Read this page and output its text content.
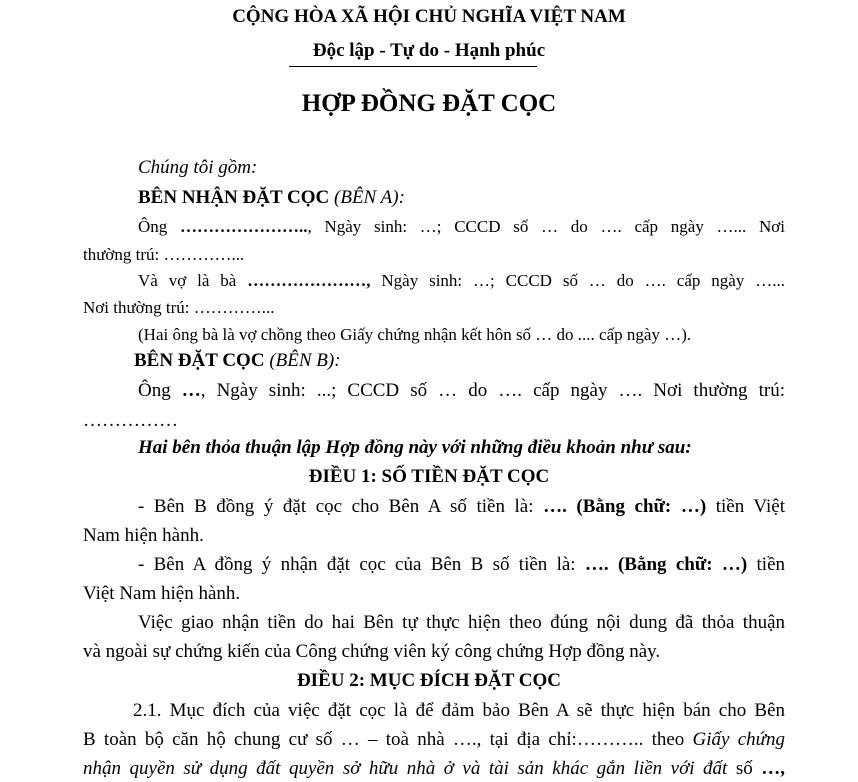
CỘNG HÒA XÃ HỘI CHỦ NGHĨA VIỆT NAM
Độc lập - Tự do - Hạnh phúc
HỢP ĐỒNG ĐẶT CỌC
Chúng tôi gồm:
BÊN NHẬN ĐẶT CỌC (BÊN A):
Ông ………………….., Ngày sinh: …; CCCD số … do …. cấp ngày …... Nơi
thường trú: …………...
Và vợ là bà …………………, Ngày sinh: …; CCCD số … do …. cấp ngày …...
Nơi thường trú: …………...
(Hai ông bà là vợ chồng theo Giấy chứng nhận kết hôn số … do .... cấp ngày …).
BÊN ĐẶT CỌC (BÊN B):
Ông …, Ngày sinh: ...; CCCD số … do …. cấp ngày …. Nơi thường trú:
……………
Hai bên thỏa thuận lập Hợp đồng này với những điều khoản như sau:
ĐIỀU 1: SỐ TIỀN ĐẶT CỌC
- Bên B đồng ý đặt cọc cho Bên A số tiền là: …. (Bằng chữ: …) tiền Việt
Nam hiện hành.
- Bên A đồng ý nhận đặt cọc của Bên B số tiền là: …. (Bằng chữ: …) tiền
Việt Nam hiện hành.
Việc giao nhận tiền do hai Bên tự thực hiện theo đúng nội dung đã thỏa thuận
và ngoài sự chứng kiến của Công chứng viên ký công chứng Hợp đồng này.
ĐIỀU 2: MỤC ĐÍCH ĐẶT CỌC
2.1. Mục đích của việc đặt cọc là để đảm bảo Bên A sẽ thực hiện bán cho Bên
B toàn bộ căn hộ chung cư số … – toà nhà …., tại địa chỉ:……….. theo Giấy chứng
nhận quyền sử dụng đất quyền sở hữu nhà ở và tài sản khác gắn liền với đất số …,
